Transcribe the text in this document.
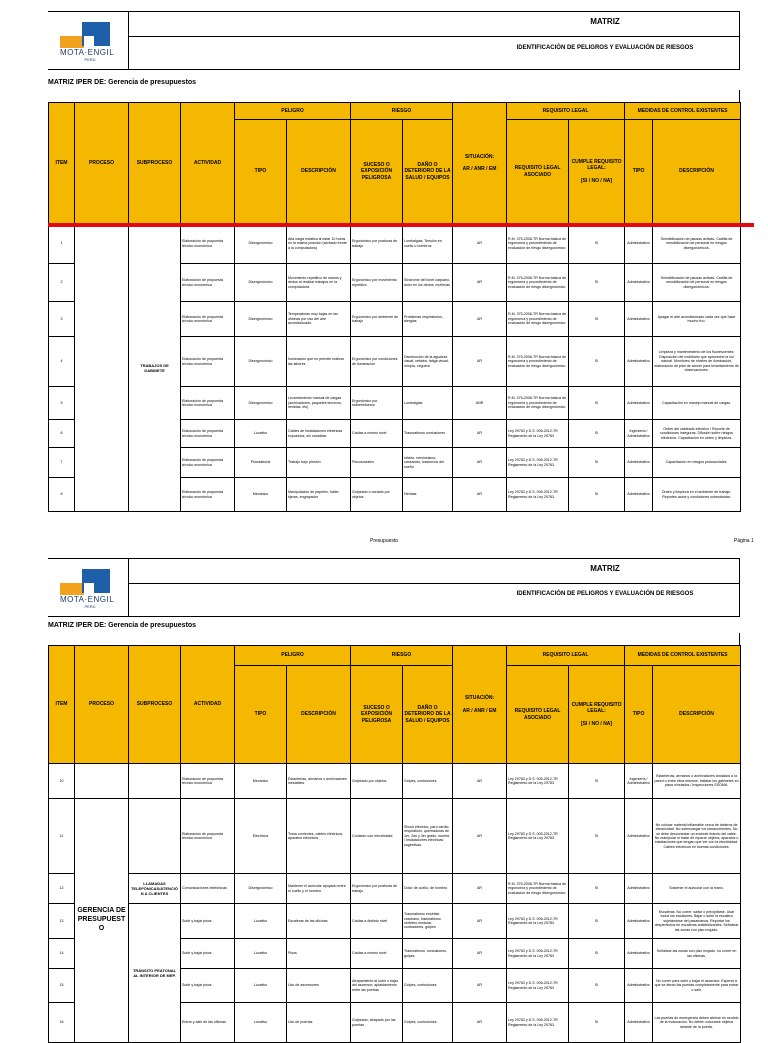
MOTA·ENGIL
PERÚ
MATRIZ
IDENTIFICACIÓN DE PELIGROS Y EVALUACIÓN DE RIESGOS
MATRIZ IPER DE: Gerencia de presupuestos
ITEM	PROCESO	SUBPROCESO	ACTIVIDAD	PELIGRO		RIESGO		SITUACIÓN:

AR / ANR / EM	REQUISITO LEGAL		MEDIDAS DE CONTROL EXISTENTES	
				TIPO	DESCRIPCIÓN	SUCESO O EXPOSICIÓN PELIGROSA	DAÑO O DETERIORO DE LA SALUD / EQUIPOS		REQUISITO LEGAL ASOCIADO	CUMPLE REQUISITO LEGAL:

[SI / NO / NA]	TIPO	DESCRIPCIÓN
1		TRABAJOS DE GABINETE	Elaboración de propuesta técnico económica	Disergonómico	Alta carga estática al estar 10 horas en la misma posición (sentado frente a la computadora)	Ergonómico por posturas de trabajo	Lumbalgias, Tensión en cuello u hombros	AR	R.M. 375-2008-TR Norma básica de ergonomía y procedimiento de evaluación de riesgo disergonómico	SI	Administrativo	Sensibilización de pausas activas. Cartilla de sensibilización de personal en riesgos disergonómicos.
2			Elaboración de propuesta técnico económica	Disergonómico	Movimiento repetitivo de manos y dedos al realizar trabajos en la computadora.	Ergonómico por movimiento repetitivo	Síndrome del túnel carpiano, dolor en los dedos, muñecas	AR	R.M. 375-2008-TR Norma básica de ergonomía y procedimiento de evaluación de riesgo disergonómico	SI	Administrativo	Sensibilización de pausas activas. Cartilla de sensibilización de personal en riesgos disergonómicos.
3			Elaboración de propuesta técnico económica	Disergonómico	Temperaturas muy bajas en las oficinas por uso del aire acondicionado.	Ergonómico por ambiente de trabajo	Problemas respiratorios, alergias	AR	R.M. 375-2008-TR Norma básica de ergonomía y procedimiento de evaluación de riesgo disergonómico	SI	Administrativo	Apagar el aire acondicionado cada vez que hace mucho frío.
4			Elaboración de propuesta técnico económica	Disergonómico	Iluminación que no permite realizar las labores	Ergonómico por condiciones de iluminación	Disminución de la agudeza visual, cefalea, fatiga visual, miopía, ceguera	AR	R.M. 375-2008-TR Norma básica de ergonomía y procedimiento de evaluación de riesgo disergonómico	SI	Administrativo	Limpieza y mantenimiento de los fluorescentes. Disposición del mobiliario que aproveche la luz natural. Monitoreo de niveles de iluminación, elaboración de plan de acción para levantamiento de observaciones.
5			Elaboración de propuesta técnico económica	Disergonómico	Levantamiento manual de cargas (archivadores, paquetes técnicos, revistas, etc)	Ergonómico por sobreesfuerzo	Lumbalgias	ANR	R.M. 375-2008-TR Norma básica de ergonomía y procedimiento de evaluación de riesgo disergonómico	SI	Administrativo	Capacitación en manejo manual de cargas.
6			Elaboración de propuesta técnico económica	Locativo	Cables de instalaciones eléctricas expuestos, sin canalizar.	Caídas a mismo nivel	Traumatismo contusiones	AR	Ley 29783 y D.S. 005-2012-TR Reglamento de la Ley 29783	SI	Ingeniería / Administrativo	Orden del cableado eléctrico / Reporte de condiciones inseguras. Difusión sobre riesgos eléctricos. Capacitación en orden y limpieza.
7			Elaboración de propuesta técnico económica	Psicolaboral	Trabajo bajo presión	Psicosociales	Infarto, nerviosismo, cansancio, trastornos del sueño	AR	Ley 29783 y D.S. 005-2012-TR Reglamento de la Ley 29783	SI	Administrativo	Capacitación en riesgos psicosociales.
8			Elaboración de propuesta técnico económica	Mecánico	Manipulación de papeles, folder, tijeras, engrapador	Golpeado o cortado por objetos	Heridas	AR	Ley 29783 y D.S. 005-2012-TR Reglamento de la Ley 29783	SI	Administrativo	Orden y limpieza en el ambiente de trabajo. Reportes actos y condiciones subestándar.
Presupuesto	Página 1
MOTA·ENGIL
PERÚ
MATRIZ
IDENTIFICACIÓN DE PELIGROS Y EVALUACIÓN DE RIESGOS
MATRIZ IPER DE: Gerencia de presupuestos
ITEM	PROCESO	SUBPROCESO	ACTIVIDAD	PELIGRO		RIESGO		SITUACIÓN:

AR / ANR / EM	REQUISITO LEGAL		MEDIDAS DE CONTROL EXISTENTES	
				TIPO	DESCRIPCIÓN	SUCESO O EXPOSICIÓN PELIGROSA	DAÑO O DETERIORO DE LA SALUD / EQUIPOS		REQUISITO LEGAL ASOCIADO	CUMPLE REQUISITO LEGAL:

[SI / NO / NA]	TIPO	DESCRIPCIÓN
10			Elaboración de propuesta técnico económica	Mecánico	Estanterías, armarios o archivadores inestables.	Golpeado por objetos	Golpes, contusiones	AR	Ley 29783 y D.S. 005-2012-TR Reglamento de la Ley 29783	SI	Ingeniería / Administrativo	Estanterías, armarios o archivadores anclados a la pared o entre ellos mismos. Instalar los gabinetes en pisos nivelados / Inspecciones SSOMA.
11	GERENCIA DE PRESUPUESTO		Elaboración de propuesta técnico económica	Eléctricos	Toma corrientes, cables eléctricos, aparatos eléctricos	Contacto con electricidad	Shock eléctrico, paro cardio-respiratorio, quemaduras de 1er, 2do y 3er grado, muerte. / Instalaciones eléctricas sugestivas.	AR	Ley 29783 y D.S. 005-2012-TR Reglamento de la Ley 29783	SI	Administrativo	No colocar material inflamable cerca de tableros de electricidad. No sobrecargar los tomacorrientes. No se debe desconectar un enchufe tirando del cable. No manipular ni tratar de reparar objetos, aparatos o instalaciones que tengan que ver con la electricidad. Cables eléctricos en buenas condiciones.
12		LLAMADAS TELEFÓNICAS/ATENCIÓN A CLIENTES	Comunicaciones telefónicas	Disergonómico	Mantener el auricular apoyado entre el cuello y el hombro	Ergonómico por posturas de trabajo	Dolor de cuello, de hombro	AR	R.M. 375-2008-TR Norma básica de ergonomía y procedimiento de evaluación de riesgo disergonómico	SI	Administrativo	Sostener el auricular con la mano.
13		TRÁNSITO PEATONAL AL INTERIOR DE MEP.	Subir y bajar pisos	Locativo	Escaleras de las oficinas	Caídas a distinto nivel	Traumatismo encéfalo craneano, traumatismo vertebro medular, contusiones, golpes	AR	Ley 29783 y D.S. 005-2012-TR Reglamento de la Ley 29783	SI	Administrativo	Escaleras. No correr, saltar o precipitarse. Usar todos los escalones. Bajar o subir la escalera sujetándose del pasamanos. Reportar los desperfectos en escaleras antideslizantes. Señalizar las zonas con piso mojado.
14			Subir y bajar pisos	Locativo	Pisos	Caídas a mismo nivel	Traumatismo, contusiones, golpes	AR	Ley 29783 y D.S. 005-2012-TR Reglamento de la Ley 29783	SI	Administrativo	Señalizar las zonas con piso mojado, no correr en las oficinas.
15			Subir y bajar pisos	Locativo	Uso de ascensores	Atrapamiento al subir o bajar del ascensor; aplastamiento entre las puertas	Golpes, contusiones	AR	Ley 29783 y D.S. 005-2012-TR Reglamento de la Ley 29783	SI	Administrativo	No correr para subir o bajar el ascensor. Esperar a que se abran las puertas completamente para entrar o salir.
16			Entrar y salir de las oficinas	Locativo	Uso de puertas	Golpeado, atrapado por las puertas	Golpes, contusiones	AR	Ley 29783 y D.S. 005-2012-TR Reglamento de la Ley 29783	SI	Administrativo	Las puertas de emergencia deben abrirse en sentido de la evacuación. No deben colocarse objetos delante de la puerta.
